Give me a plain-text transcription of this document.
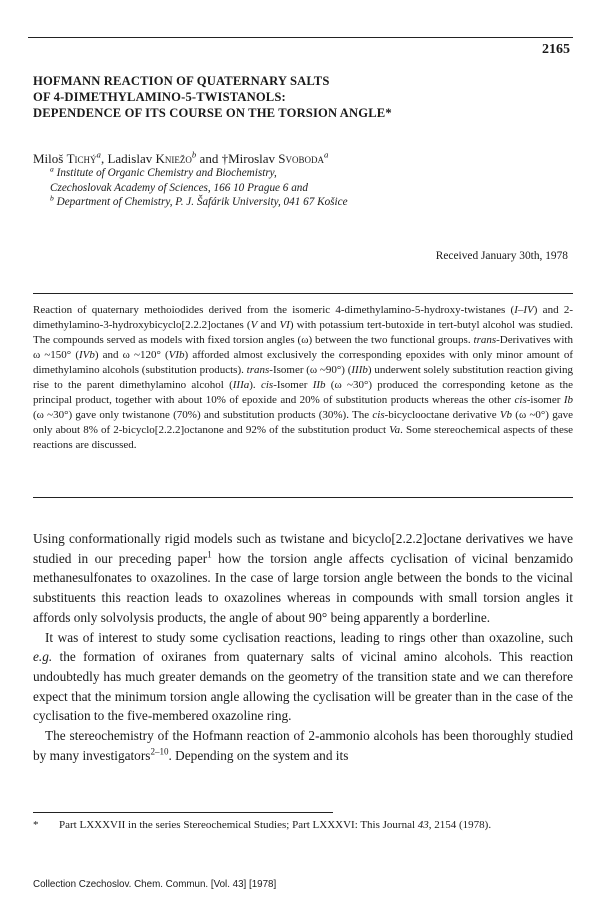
2165
HOFMANN REACTION OF QUATERNARY SALTS
OF 4-DIMETHYLAMINO-5-TWISTANOLS:
DEPENDENCE OF ITS COURSE ON THE TORSION ANGLE*
Miloš Tichý$^a$, Ladislav Kniežo$^b$ and †Miroslav Svoboda$^a$
$^a$ Institute of Organic Chemistry and Biochemistry,
Czechoslovak Academy of Sciences, 166 10 Prague 6 and
$^b$ Department of Chemistry, P. J. Šafárik University, 041 67 Košice
Received January 30th, 1978
Reaction of quaternary methoiodides derived from the isomeric 4-dimethylamino-5-hydroxy-twistanes (I–IV) and 2-dimethylamino-3-hydroxybicyclo[2.2.2]octanes (V and VI) with potassium tert-butoxide in tert-butyl alcohol was studied. The compounds served as models with fixed torsion angles (ω) between the two functional groups. trans-Derivatives with ω ~150° (IVb) and ω ~120° (VIb) afforded almost exclusively the corresponding epoxides with only minor amount of dimethylamino alcohols (substitution products). trans-Isomer (ω ~90°) (IIIb) underwent solely substitution reaction giving rise to the parent dimethylamino alcohol (IIIa). cis-Isomer IIb (ω ~30°) produced the corresponding ketone as the principal product, together with about 10% of epoxide and 20% of substitution products whereas the other cis-isomer Ib (ω ~30°) gave only twistanone (70%) and substitution products (30%). The cis-bicyclooctane derivative Vb (ω ~0°) gave only about 8% of 2-bicyclo[2.2.2]octanone and 92% of the substitution product Va. Some stereochemical aspects of these reactions are discussed.

Using conformationally rigid models such as twistane and bicyclo[2.2.2]octane derivatives we have studied in our preceding paper$^1$ how the torsion angle affects cyclisation of vicinal benzamido methanesulfonates to oxazolines. In the case of large torsion angle between the bonds to the vicinal substituents this reaction leads to oxazolines whereas in compounds with small torsion angles it affords only solvolysis products, the angle of about 90° being apparently a borderline.

It was of interest to study some cyclisation reactions, leading to rings other than oxazoline, such e.g. the formation of oxiranes from quaternary salts of vicinal amino alcohols. This reaction undoubtedly has much greater demands on the geometry of the transition state and we can therefore expect that the minimum torsion angle allowing the cyclisation will be greater than in the case of the cyclisation to the five-membered oxazoline ring.

The stereochemistry of the Hofmann reaction of 2-ammonio alcohols has been thoroughly studied by many investigators$^{2-10}$. Depending on the system and its

* Part LXXXVII in the series Stereochemical Studies; Part LXXXVI: This Journal 43, 2154 (1978).
Collection Czechoslov. Chem. Commun. [Vol. 43] [1978]
